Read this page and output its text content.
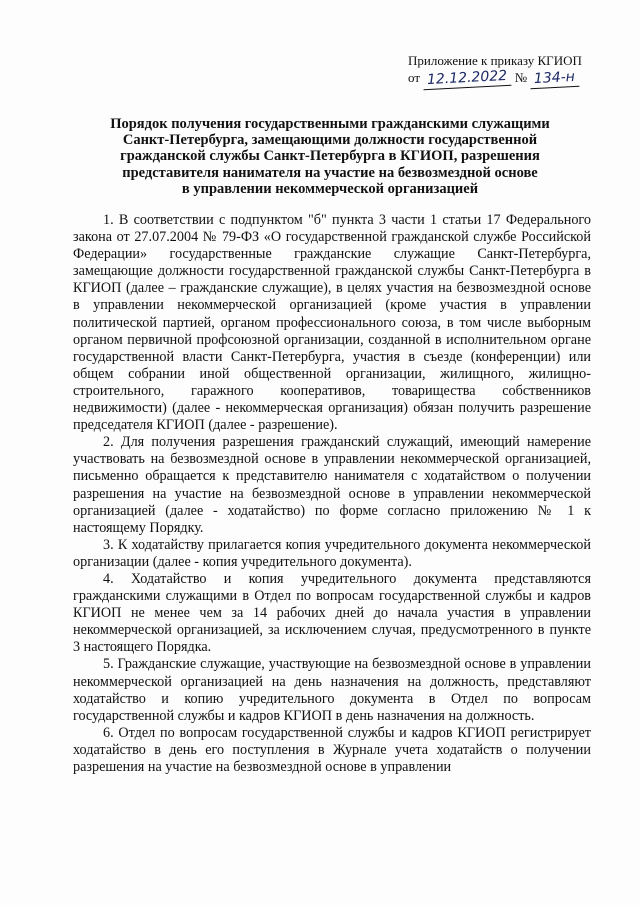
Приложение к приказу КГИОП
от 12.12.2022 № 134-н
Порядок получения государственными гражданскими служащими
Санкт-Петербурга, замещающими должности государственной
гражданской службы Санкт-Петербурга в КГИОП, разрешения
представителя нанимателя на участие на безвозмездной основе
в управлении некоммерческой организацией

1. В соответствии с подпунктом "б" пункта 3 части 1 статьи 17 Федерального закона от 27.07.2004 № 79-ФЗ «О государственной гражданской службе Российской Федерации» государственные гражданские служащие Санкт-Петербурга, замещающие должности государственной гражданской службы Санкт-Петербурга в КГИОП (далее – гражданские служащие), в целях участия на безвозмездной основе в управлении некоммерческой организацией (кроме участия в управлении политической партией, органом профессионального союза, в том числе выборным органом первичной профсоюзной организации, созданной в исполнительном органе государственной власти Санкт-Петербурга, участия в съезде (конференции) или общем собрании иной общественной организации, жилищного, жилищно-строительного, гаражного кооперативов, товарищества собственников недвижимости) (далее - некоммерческая организация) обязан получить разрешение председателя КГИОП (далее - разрешение).

2. Для получения разрешения гражданский служащий, имеющий намерение участвовать на безвозмездной основе в управлении некоммерческой организацией, письменно обращается к представителю нанимателя с ходатайством о получении разрешения на участие на безвозмездной основе в управлении некоммерческой организацией (далее - ходатайство) по форме согласно приложению № 1 к настоящему Порядку.

3. К ходатайству прилагается копия учредительного документа некоммерческой организации (далее - копия учредительного документа).

4. Ходатайство и копия учредительного документа представляются гражданскими служащими в Отдел по вопросам государственной службы и кадров КГИОП не менее чем за 14 рабочих дней до начала участия в управлении некоммерческой организацией, за исключением случая, предусмотренного в пункте 3 настоящего Порядка.

5. Гражданские служащие, участвующие на безвозмездной основе в управлении некоммерческой организацией на день назначения на должность, представляют ходатайство и копию учредительного документа в Отдел по вопросам государственной службы и кадров КГИОП в день назначения на должность.

6. Отдел по вопросам государственной службы и кадров КГИОП регистрирует ходатайство в день его поступления в Журнале учета ходатайств о получении разрешения на участие на безвозмездной основе в управлении
